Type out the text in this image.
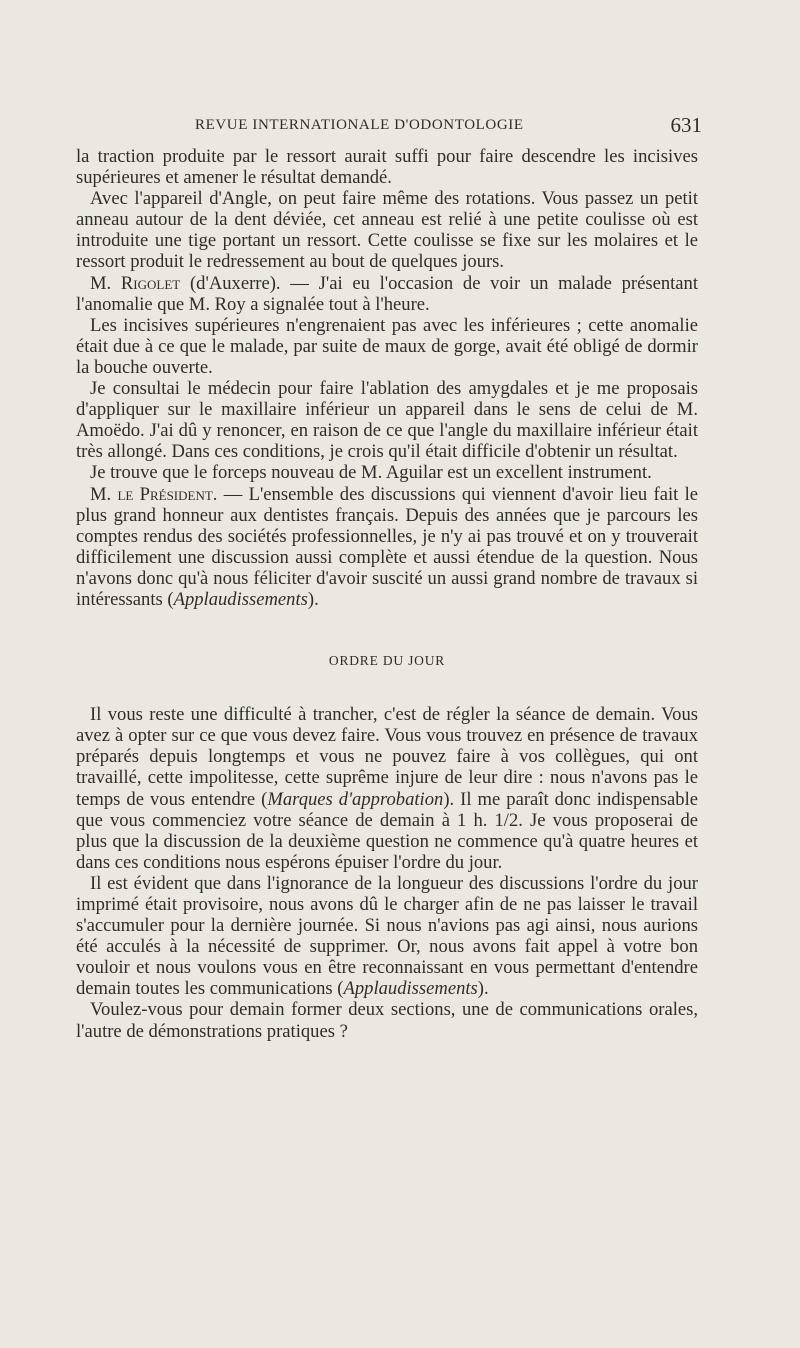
REVUE INTERNATIONALE D'ODONTOLOGIE	631

la traction produite par le ressort aurait suffi pour faire descendre les incisives supérieures et amener le résultat demandé.

Avec l'appareil d'Angle, on peut faire même des rotations. Vous passez un petit anneau autour de la dent déviée, cet anneau est relié à une petite coulisse où est introduite une tige portant un ressort. Cette coulisse se fixe sur les molaires et le ressort produit le redressement au bout de quelques jours.

M. Rigolet (d'Auxerre). — J'ai eu l'occasion de voir un malade présentant l'anomalie que M. Roy a signalée tout à l'heure.

Les incisives supérieures n'engrenaient pas avec les inférieures ; cette anomalie était due à ce que le malade, par suite de maux de gorge, avait été obligé de dormir la bouche ouverte.

Je consultai le médecin pour faire l'ablation des amygdales et je me proposais d'appliquer sur le maxillaire inférieur un appareil dans le sens de celui de M. Amoëdo. J'ai dû y renoncer, en raison de ce que l'angle du maxillaire inférieur était très allongé. Dans ces conditions, je crois qu'il était difficile d'obtenir un résultat.

Je trouve que le forceps nouveau de M. Aguilar est un excellent instrument.

M. le Président. — L'ensemble des discussions qui viennent d'avoir lieu fait le plus grand honneur aux dentistes français. Depuis des années que je parcours les comptes rendus des sociétés professionnelles, je n'y ai pas trouvé et on y trouverait difficilement une discussion aussi complète et aussi étendue de la question. Nous n'avons donc qu'à nous féliciter d'avoir suscité un aussi grand nombre de travaux si intéressants (Applaudissements).

ORDRE DU JOUR

Il vous reste une difficulté à trancher, c'est de régler la séance de demain. Vous avez à opter sur ce que vous devez faire. Vous vous trouvez en présence de travaux préparés depuis longtemps et vous ne pouvez faire à vos collègues, qui ont travaillé, cette impolitesse, cette suprême injure de leur dire : nous n'avons pas le temps de vous entendre (Marques d'approbation). Il me paraît donc indispensable que vous commenciez votre séance de demain à 1 h. 1/2. Je vous proposerai de plus que la discussion de la deuxième question ne commence qu'à quatre heures et dans ces conditions nous espérons épuiser l'ordre du jour.

Il est évident que dans l'ignorance de la longueur des discussions l'ordre du jour imprimé était provisoire, nous avons dû le charger afin de ne pas laisser le travail s'accumuler pour la dernière journée. Si nous n'avions pas agi ainsi, nous aurions été acculés à la nécessité de supprimer. Or, nous avons fait appel à votre bon vouloir et nous voulons vous en être reconnaissant en vous permettant d'entendre demain toutes les communications (Applaudissements).

Voulez-vous pour demain former deux sections, une de communications orales, l'autre de démonstrations pratiques ?
